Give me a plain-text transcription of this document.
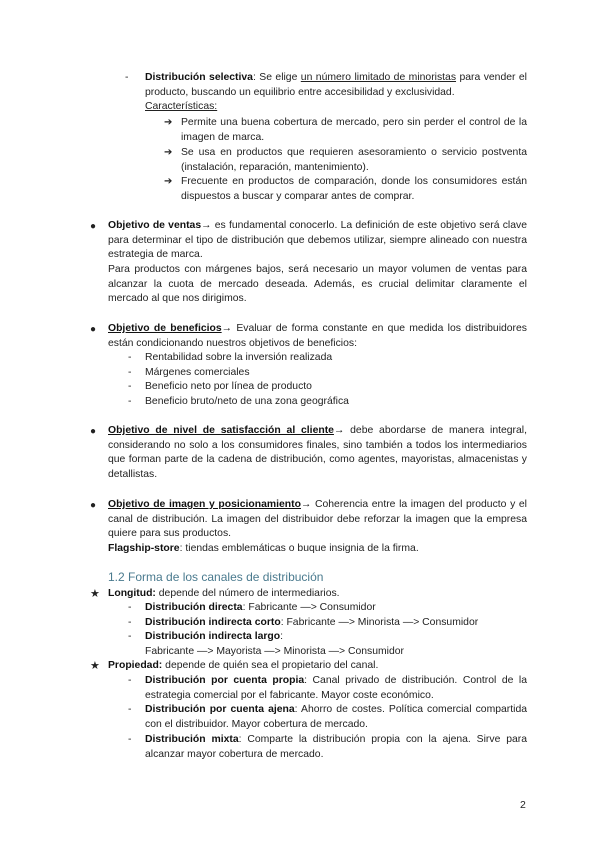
- Distribución selectiva: Se elige un número limitado de minoristas para vender el producto, buscando un equilibrio entre accesibilidad y exclusividad.

Características:

➔ Permite una buena cobertura de mercado, pero sin perder el control de la imagen de marca.

➔ Se usa en productos que requieren asesoramiento o servicio postventa (instalación, reparación, mantenimiento).

➔ Frecuente en productos de comparación, donde los consumidores están dispuestos a buscar y comparar antes de comprar.

● Objetivo de ventas→ es fundamental conocerlo. La definición de este objetivo será clave para determinar el tipo de distribución que debemos utilizar, siempre alineado con nuestra estrategia de marca.

Para productos con márgenes bajos, será necesario un mayor volumen de ventas para alcanzar la cuota de mercado deseada. Además, es crucial delimitar claramente el mercado al que nos dirigimos.

● Objetivo de beneficios→ Evaluar de forma constante en que medida los distribuidores están condicionando nuestros objetivos de beneficios:

- Rentabilidad sobre la inversión realizada

- Márgenes comerciales

- Beneficio neto por línea de producto

- Beneficio bruto/neto de una zona geográfica

● Objetivo de nivel de satisfacción al cliente→ debe abordarse de manera integral, considerando no solo a los consumidores finales, sino también a todos los intermediarios que forman parte de la cadena de distribución, como agentes, mayoristas, almacenistas y detallistas.

● Objetivo de imagen y posicionamiento→ Coherencia entre la imagen del producto y el canal de distribución. La imagen del distribuidor debe reforzar la imagen que la empresa quiere para sus productos.

Flagship-store: tiendas emblemáticas o buque insignia de la firma.

1.2 Forma de los canales de distribución
★ Longitud: depende del número de intermediarios.

- Distribución directa: Fabricante —> Consumidor

- Distribución indirecta corto: Fabricante —> Minorista —> Consumidor

- Distribución indirecta largo:

Fabricante —> Mayorista —> Minorista —> Consumidor

★ Propiedad: depende de quién sea el propietario del canal.

- Distribución por cuenta propia: Canal privado de distribución. Control de la estrategia comercial por el fabricante. Mayor coste económico.

- Distribución por cuenta ajena: Ahorro de costes. Política comercial compartida con el distribuidor. Mayor cobertura de mercado.

- Distribución mixta: Comparte la distribución propia con la ajena. Sirve para alcanzar mayor cobertura de mercado.

2
